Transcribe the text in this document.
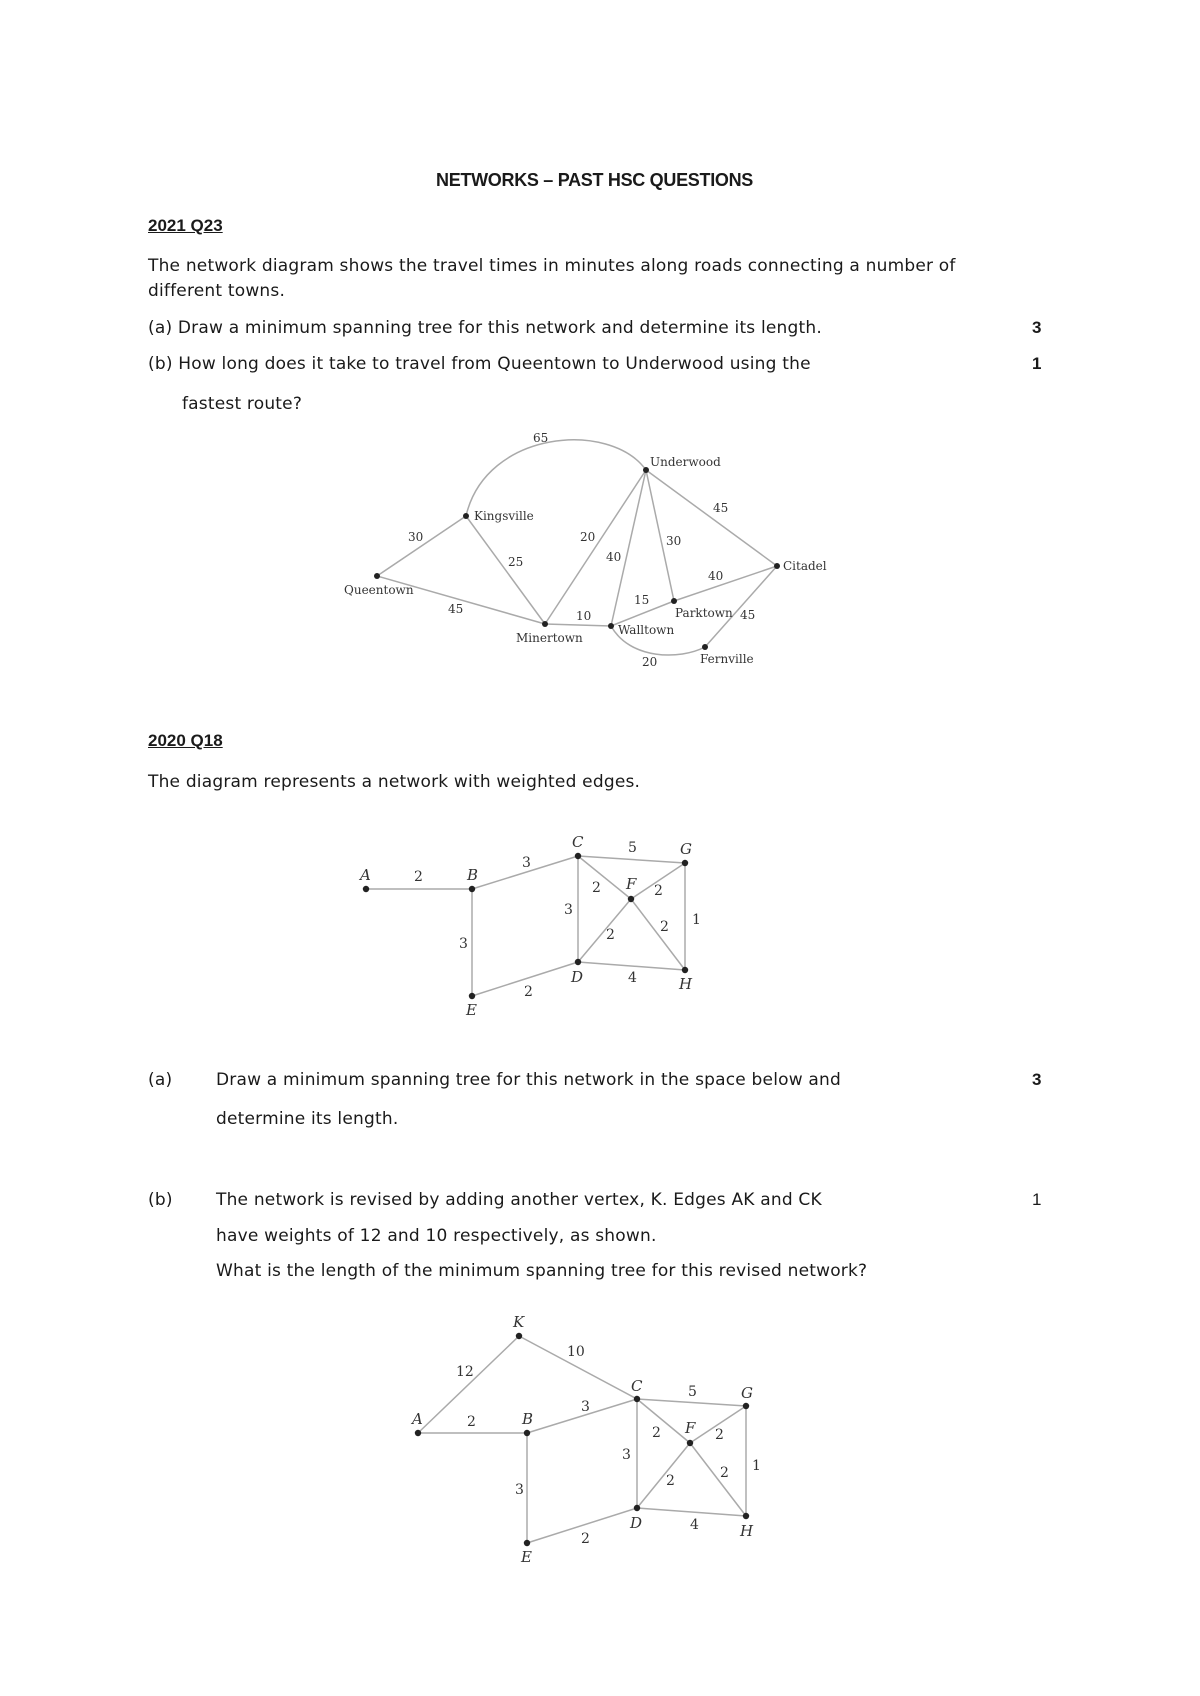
NETWORKS – PAST HSC QUESTIONS
2021 Q23
The network diagram shows the travel times in minutes along roads connecting a number of
different towns.
(a) Draw a minimum spanning tree for this network and determine its length.	3
(b) How long does it take to travel from Queentown to Underwood using the	1
fastest route?
Queentown
Kingsville
Minertown
Underwood
Walltown
Parktown
Citadel
Fernville
65
30
25
45
20
40
10
30
45
15
40
45
20
2020 Q18
The diagram represents a network with weighted edges.
A	B
C	G
F
D	H
E
2
3
5
2	2
3
2	2 1
3
2
4
(a)	Draw a minimum spanning tree for this network in the space below and	3
determine its length.
(b)	The network is revised by adding another vertex, K. Edges AK and CK	1
have weights of 12 and 10 respectively, as shown.
What is the length of the minimum spanning tree for this revised network?
K
A	B
C	G
F
D	H
E
12
10
2
3
5
2	2
3
2	2 1
3
2
4
